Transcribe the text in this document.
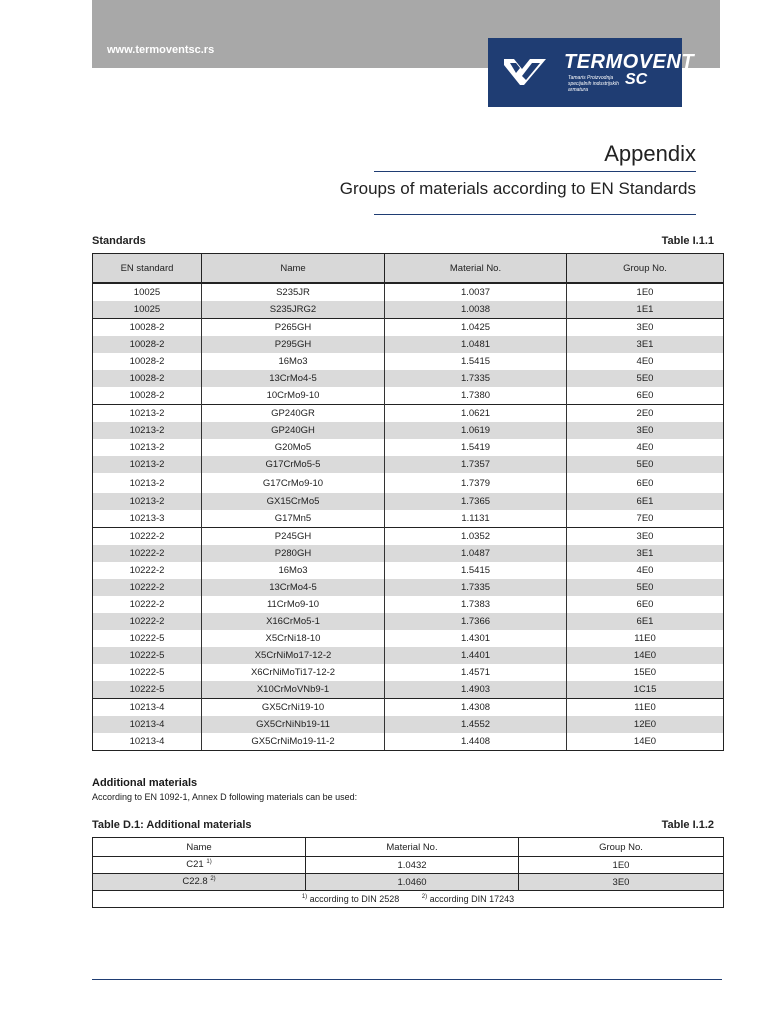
www.termoventsc.rs
TERMOVENT
Tamaris Proizvodnja specijalnih industrijskih armatura
SC
Appendix
Groups of materials according to EN Standards
Standards	Table I.1.1
EN standard	Name	Material No.	Group No.
10025	S235JR	1.0037	1E0
10025	S235JRG2	1.0038	1E1
10028-2	P265GH	1.0425	3E0
10028-2	P295GH	1.0481	3E1
10028-2	16Mo3	1.5415	4E0
10028-2	13CrMo4-5	1.7335	5E0
10028-2	10CrMo9-10	1.7380	6E0
10213-2	GP240GR	1.0621	2E0
10213-2	GP240GH	1.0619	3E0
10213-2	G20Mo5	1.5419	4E0
10213-2	G17CrMo5-5	1.7357	5E0
10213-2	G17CrMo9-10	1.7379	6E0
10213-2	GX15CrMo5	1.7365	6E1
10213-3	G17Mn5	1.1131	7E0
10222-2	P245GH	1.0352	3E0
10222-2	P280GH	1.0487	3E1
10222-2	16Mo3	1.5415	4E0
10222-2	13CrMo4-5	1.7335	5E0
10222-2	11CrMo9-10	1.7383	6E0
10222-2	X16CrMo5-1	1.7366	6E1
10222-5	X5CrNi18-10	1.4301	11E0
10222-5	X5CrNiMo17-12-2	1.4401	14E0
10222-5	X6CrNiMoTi17-12-2	1.4571	15E0
10222-5	X10CrMoVNb9-1	1.4903	1C15
10213-4	GX5CrNi19-10	1.4308	11E0
10213-4	GX5CrNiNb19-11	1.4552	12E0
10213-4	GX5CrNiMo19-11-2	1.4408	14E0
Additional materials
According to EN 1092-1, Annex D following materials can be used:
Table D.1: Additional materials	Table I.1.2
Name	Material No.	Group No.
C21 $^{1)}$	1.0432	1E0
C22.8 $^{2)}$	1.0460	3E0
$^{1)}$ according to DIN 2528 $^{2)}$ according DIN 17243		
